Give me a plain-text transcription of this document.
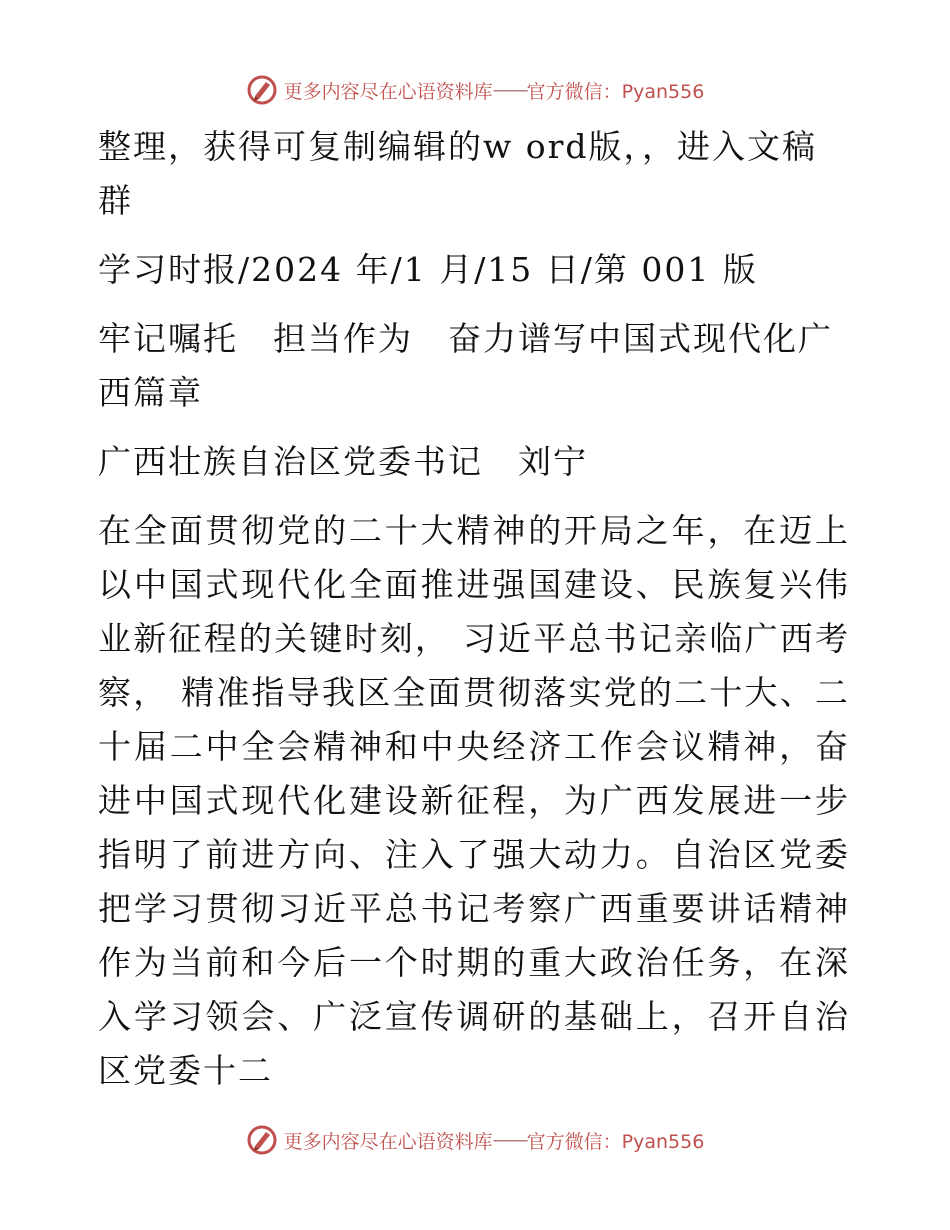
更多内容尽在心语资料库 —— 官方微信：Pyan556

整理，获得可复制编辑的w ord版，，进入文稿群

学习时报/2024 年/1 月/15 日/第 001 版

牢记嘱托　担当作为　奋力谱写中国式现代化广西篇章

广西壮族自治区党委书记　刘宁

在全面贯彻党的二十大精神的开局之年，在迈上以中国式现代化全面推进强国建设、民族复兴伟业新征程的关键时刻， 习近平总书记亲临广西考察， 精准指导我区全面贯彻落实党的二十大、二十届二中全会精神和中央经济工作会议精神，奋进中国式现代化建设新征程，为广西发展进一步指明了前进方向、注入了强大动力。自治区党委把学习贯彻习近平总书记考察广西重要讲话精神作为当前和今后一个时期的重大政治任务，在深入学习领会、广泛宣传调研的基础上，召开自治区党委十二

更多内容尽在心语资料库 —— 官方微信：Pyan556
